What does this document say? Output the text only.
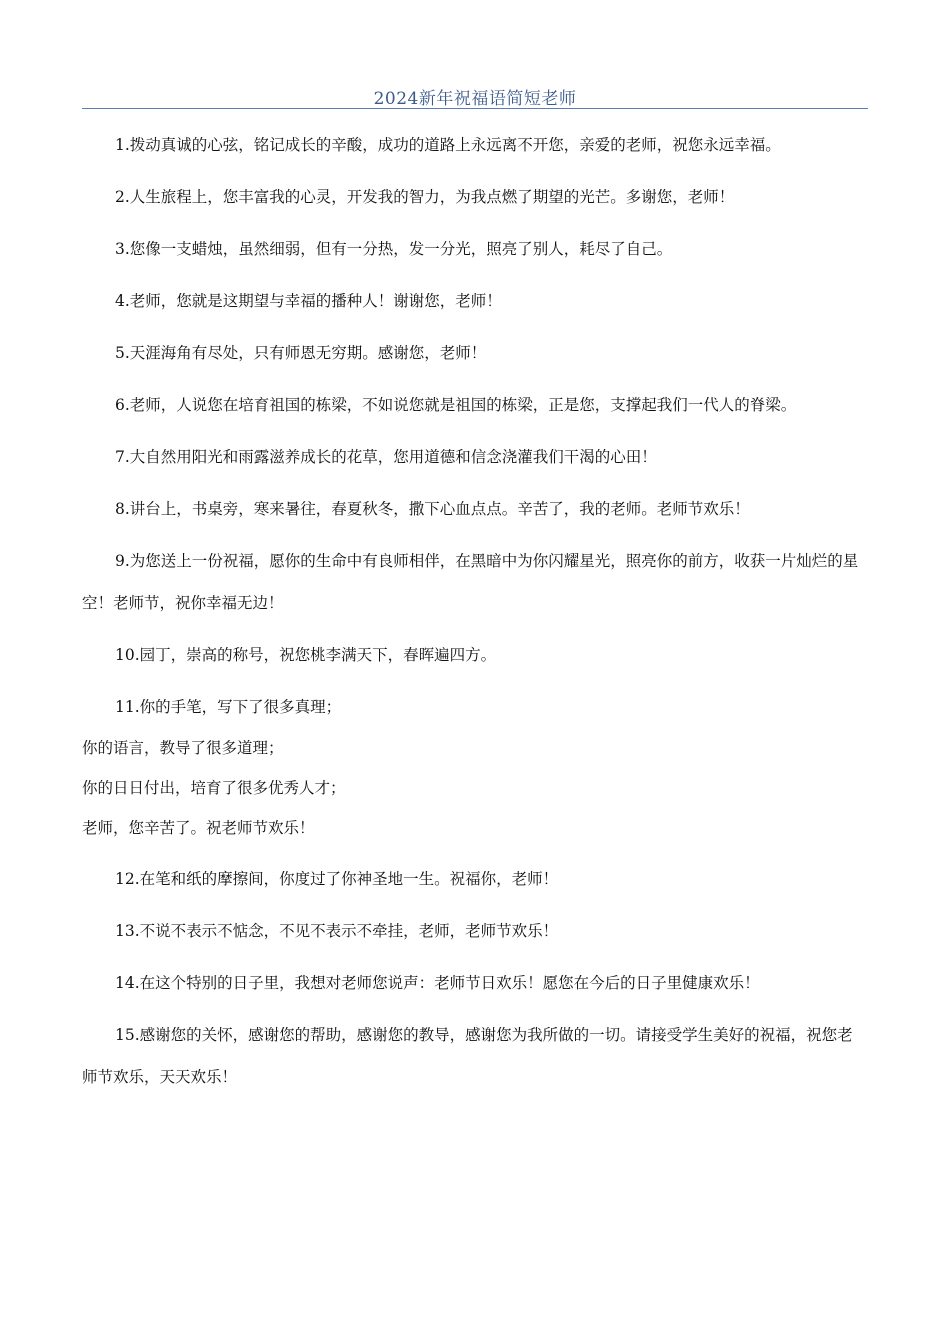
2024新年祝福语简短老师

1.拨动真诚的心弦，铭记成长的辛酸，成功的道路上永远离不开您，亲爱的老师，祝您永远幸福。

2.人生旅程上，您丰富我的心灵，开发我的智力，为我点燃了期望的光芒。多谢您，老师！

3.您像一支蜡烛，虽然细弱，但有一分热，发一分光，照亮了别人，耗尽了自己。

4.老师，您就是这期望与幸福的播种人！谢谢您，老师！

5.天涯海角有尽处，只有师恩无穷期。感谢您，老师！

6.老师，人说您在培育祖国的栋梁，不如说您就是祖国的栋梁，正是您，支撑起我们一代人的脊梁。

7.大自然用阳光和雨露滋养成长的花草，您用道德和信念浇灌我们干渴的心田！

8.讲台上，书桌旁，寒来暑往，春夏秋冬，撒下心血点点。辛苦了，我的老师。老师节欢乐！

9.为您送上一份祝福，愿你的生命中有良师相伴，在黑暗中为你闪耀星光，照亮你的前方，收获一片灿烂的星空！老师节，祝你幸福无边！

10.园丁，崇高的称号，祝您桃李满天下，春晖遍四方。

11.你的手笔，写下了很多真理；

你的语言，教导了很多道理；

你的日日付出，培育了很多优秀人才；

老师，您辛苦了。祝老师节欢乐！

12.在笔和纸的摩擦间，你度过了你神圣地一生。祝福你，老师！

13.不说不表示不惦念，不见不表示不牵挂，老师，老师节欢乐！

14.在这个特别的日子里，我想对老师您说声：老师节日欢乐！愿您在今后的日子里健康欢乐！

15.感谢您的关怀，感谢您的帮助，感谢您的教导，感谢您为我所做的一切。请接受学生美好的祝福，祝您老师节欢乐，天天欢乐！
